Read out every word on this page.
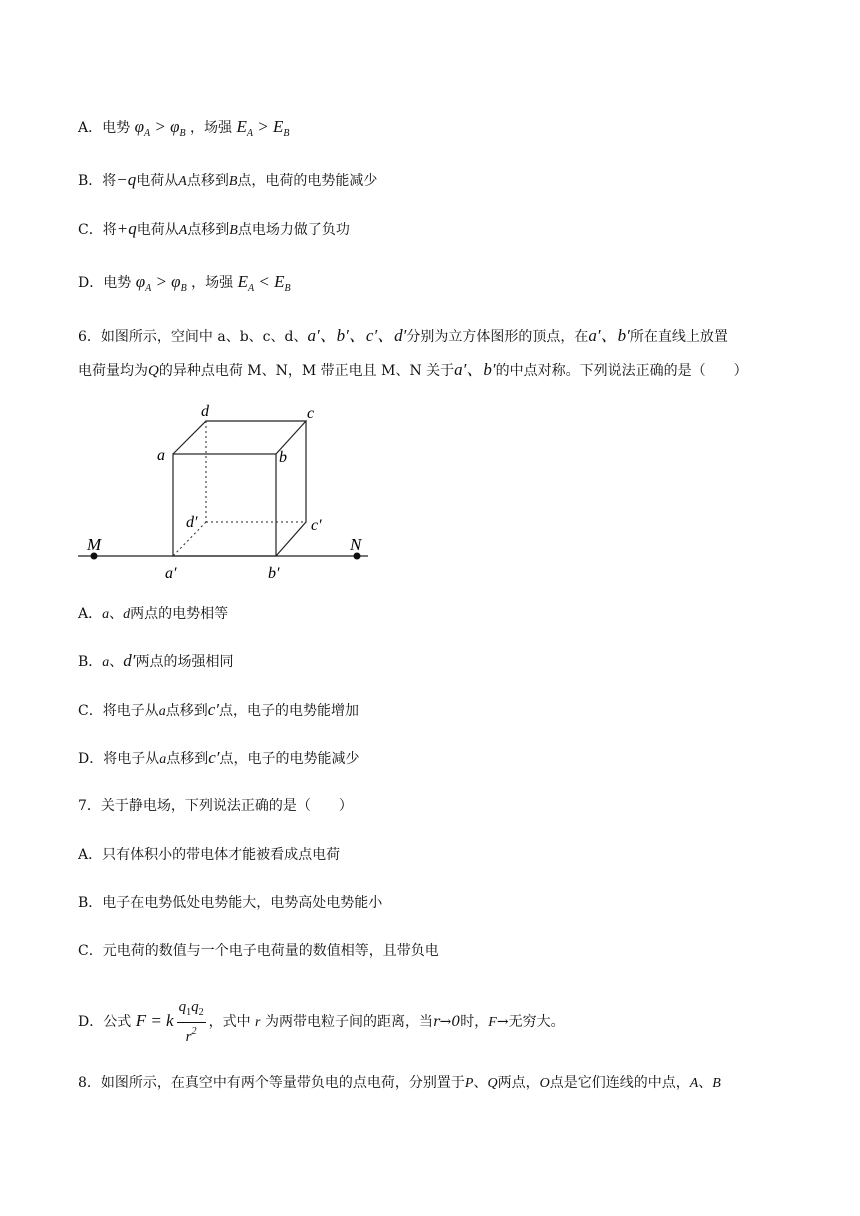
A．电势 $\varphi_A > \varphi_B$ ，场强 $E_A > E_B$
B．将−q电荷从A点移到B点，电荷的电势能减少
C．将+q电荷从A点移到B点电场力做了负功
D．电势 $\varphi_A > \varphi_B$ ，场强 $E_A < E_B$
6．如图所示，空间中 a、b、c、d、a′、b′、c′、d′分别为立方体图形的顶点，在a′、b′所在直线上放置
电荷量均为Q的异种点电荷 M、N，M 带正电且 M、N 关于a′、b′的中点对称。下列说法正确的是（　　）
d	c
a	b
d′	c′
a′	b′
M	N
A．a、d两点的电势相等
B．a、d′两点的场强相同
C．将电子从a点移到c′点，电子的电势能增加
D．将电子从a点移到c′点，电子的电势能减少
7．关于静电场，下列说法正确的是（　　）
A．只有体积小的带电体才能被看成点电荷
B．电子在电势低处电势能大，电势高处电势能小
C．元电荷的数值与一个电子电荷量的数值相等，且带负电
D．公式 F = k $\frac{q_1q_2}{r^2}$ ，式中 r 为两带电粒子间的距离，当r→0时，F→无穷大。
8．如图所示，在真空中有两个等量带负电的点电荷，分别置于P、Q两点，O点是它们连线的中点，A、B
